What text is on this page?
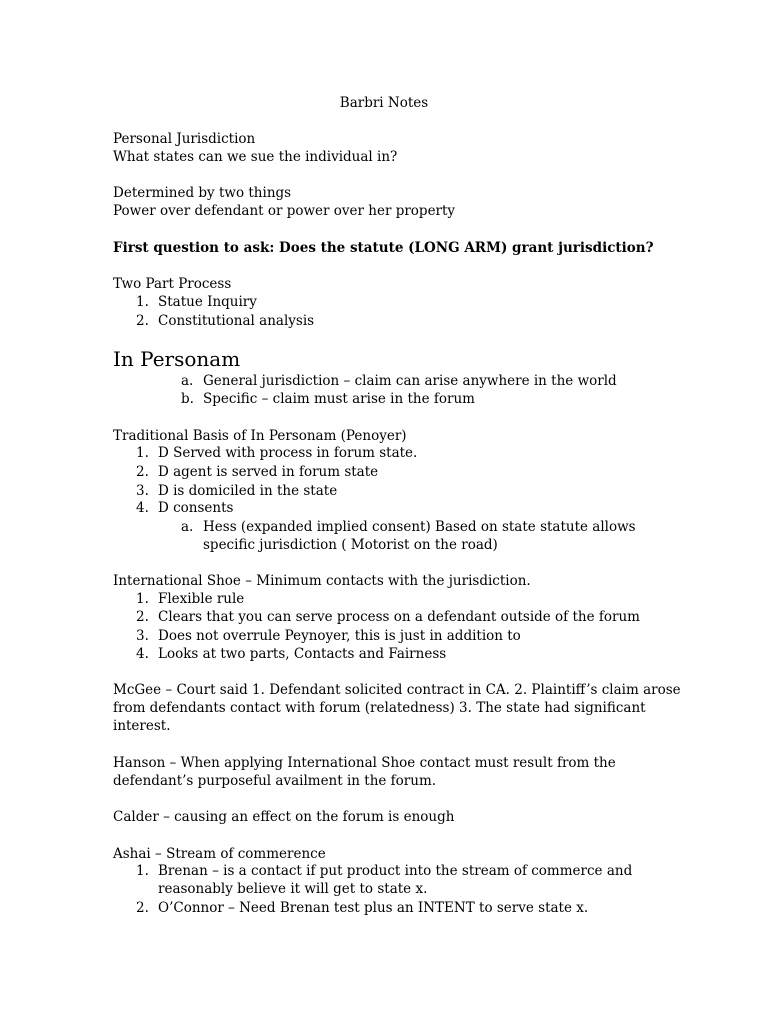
Barbri Notes
Personal Jurisdiction
What states can we sue the individual in?
Determined by two things
Power over defendant or power over her property
First question to ask: Does the statute (LONG ARM) grant jurisdiction?
Two Part Process
1. Statue Inquiry
2. Constitutional analysis
In Personam
a. General jurisdiction – claim can arise anywhere in the world
b. Specific – claim must arise in the forum
Traditional Basis of In Personam (Penoyer)
1. D Served with process in forum state.
2. D agent is served in forum state
3. D is domiciled in the state
4. D consents
a. Hess (expanded implied consent) Based on state statute allows
specific jurisdiction ( Motorist on the road)
International Shoe – Minimum contacts with the jurisdiction.
1. Flexible rule
2. Clears that you can serve process on a defendant outside of the forum
3. Does not overrule Peynoyer, this is just in addition to
4. Looks at two parts, Contacts and Fairness
McGee – Court said 1. Defendant solicited contract in CA. 2. Plaintiff’s claim arose
from defendants contact with forum (relatedness) 3. The state had significant
interest.
Hanson – When applying International Shoe contact must result from the
defendant’s purposeful availment in the forum.
Calder – causing an effect on the forum is enough
Ashai – Stream of commerence
1. Brenan – is a contact if put product into the stream of commerce and
reasonably believe it will get to state x.
2. O’Connor – Need Brenan test plus an INTENT to serve state x.
